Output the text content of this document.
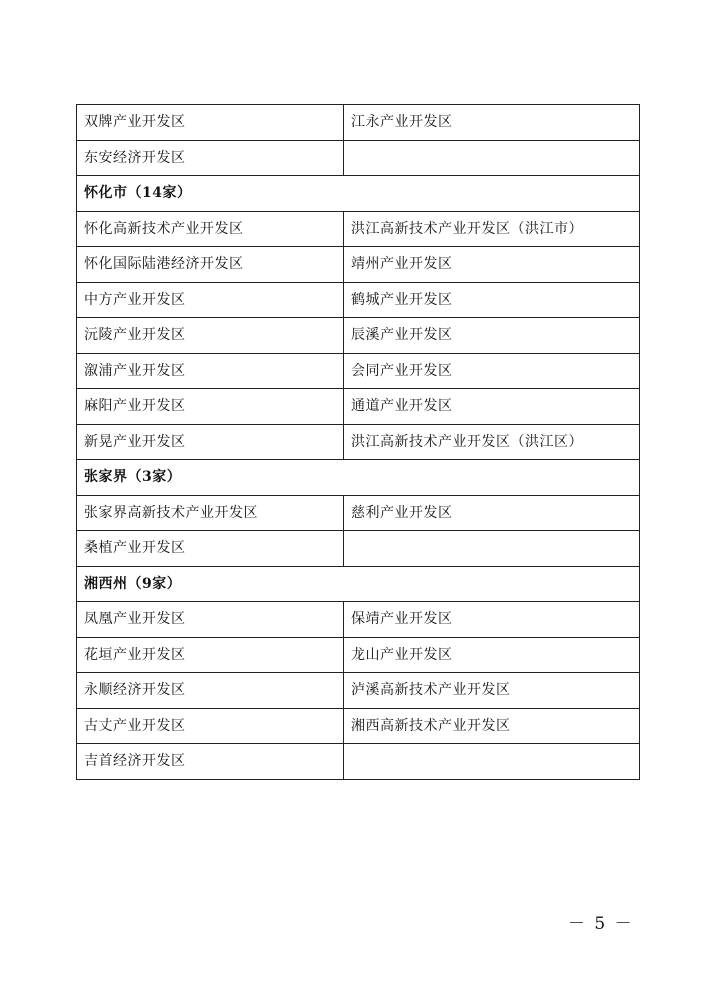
双牌产业开发区	江永产业开发区
东安经济开发区	
怀化市（14家）	
怀化高新技术产业开发区	洪江高新技术产业开发区（洪江市）
怀化国际陆港经济开发区	靖州产业开发区
中方产业开发区	鹤城产业开发区
沅陵产业开发区	辰溪产业开发区
溆浦产业开发区	会同产业开发区
麻阳产业开发区	通道产业开发区
新晃产业开发区	洪江高新技术产业开发区（洪江区）
张家界（3家）	
张家界高新技术产业开发区	慈利产业开发区
桑植产业开发区	
湘西州（9家）	
凤凰产业开发区	保靖产业开发区
花垣产业开发区	龙山产业开发区
永顺经济开发区	泸溪高新技术产业开发区
古丈产业开发区	湘西高新技术产业开发区
吉首经济开发区	
－ 5 －
